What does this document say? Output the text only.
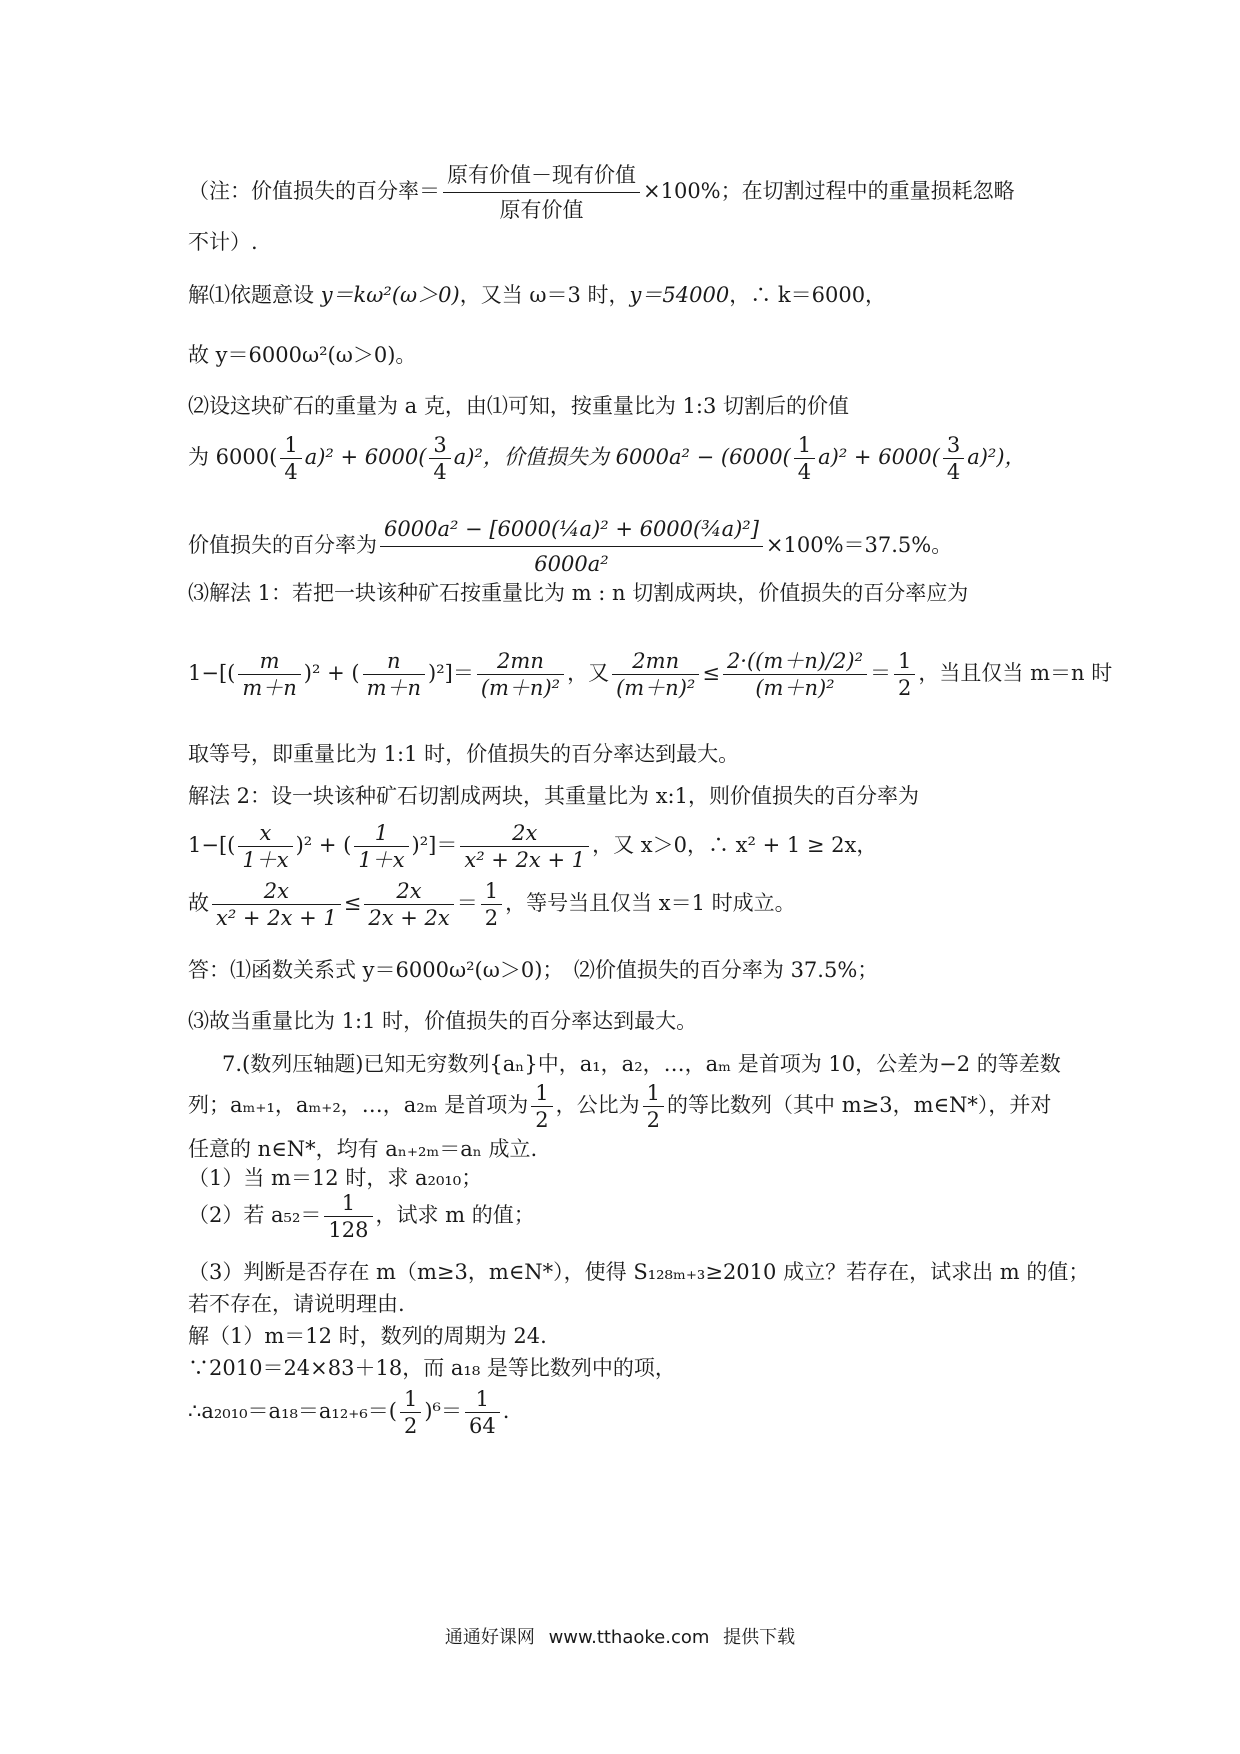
（注：价值损失的百分率＝ $\frac{\text{原有价值－现有价值}}{\text{原有价值}} \times 100\%$；在切割过程中的重量损耗忽略
不计）.
解⑴依题意设 y＝kω²(ω＞0)，又当 ω＝3 时，y＝54000，∴ k＝6000，
故 y＝6000ω²(ω＞0)。
⑵设这块矿石的重量为 a 克，由⑴可知，按重量比为 1:3 切割后的价值
为 $6000( \frac{1}{4} a)^2 + 6000( \frac{3}{4} a)^2$，价值损失为 $6000a^2 - (6000( \frac{1}{4} a)^2 + 6000( \frac{3}{4} a)^2)$，
价值损失的百分率为 $\frac{\text{6000a² − [6000(¼a)² + 6000(¾a)²]}}{\text{6000a²}} \times 100\%=37.5\%$。
⑶解法 1：若把一块该种矿石按重量比为 m : n 切割成两块，价值损失的百分率应为
$1-[( \frac{m}{m+n} )^2$ + ( $\frac{n}{m+n} )^2]= \frac{2mn}{\text{(m＋n)²}}$ ，又 $\frac{2mn}{\text{(m＋n)²}} \le \frac{\text{2·((m＋n)/2)²}}{\text{(m＋n)²}} = \frac{1}{2}$ ，当且仅当 m＝n 时
取等号，即重量比为 1:1 时，价值损失的百分率达到最大。
解法 2：设一块该种矿石切割成两块，其重量比为 x:1，则价值损失的百分率为
$1-[( \frac{x}{1+x} )^2$ + ( $\frac{1}{1+x} )^2]= \frac{2x}{\text{x² + 2x + 1}}$ ，又 x＞0，∴ x² + 1 ≥ 2x，
故 $\frac{2x}{\text{x² + 2x + 1}} \le \frac{2x}{2x + 2x} = \frac{1}{2}$ ，等号当且仅当 x＝1 时成立。
答：⑴函数关系式 y＝6000ω²(ω＞0)；　⑵价值损失的百分率为 37.5%；
⑶故当重量比为 1:1 时，价值损失的百分率达到最大。
7.(数列压轴题)已知无穷数列{aₙ}中，a₁，a₂，…，aₘ 是首项为 10，公差为−2 的等差数
列；aₘ₊₁，aₘ₊₂，…，a₂ₘ 是首项为 $\frac{1}{2}$ ，公比为 $\frac{1}{2}$ 的等比数列（其中 m≥3，m∈N*），并对
任意的 n∈N*，均有 aₙ₊₂ₘ＝aₙ 成立.
（1）当 m＝12 时，求 a₂₀₁₀；
（2）若 $a_{52}= \frac{1}{128}$ ，试求 m 的值；
（3）判断是否存在 m（m≥3，m∈N*），使得 S₁₂₈ₘ₊₃≥2010 成立？若存在，试求出 m 的值；
若不存在，请说明理由.
解（1）m＝12 时，数列的周期为 24.
∵2010＝24×83＋18，而 a₁₈ 是等比数列中的项，
∴a₂₀₁₀＝a₁₈＝a₁₂₊₆＝( $\frac{1}{2} )^6= \frac{1}{64}$ .
通通好课网 www.tthaoke.com 提供下载
